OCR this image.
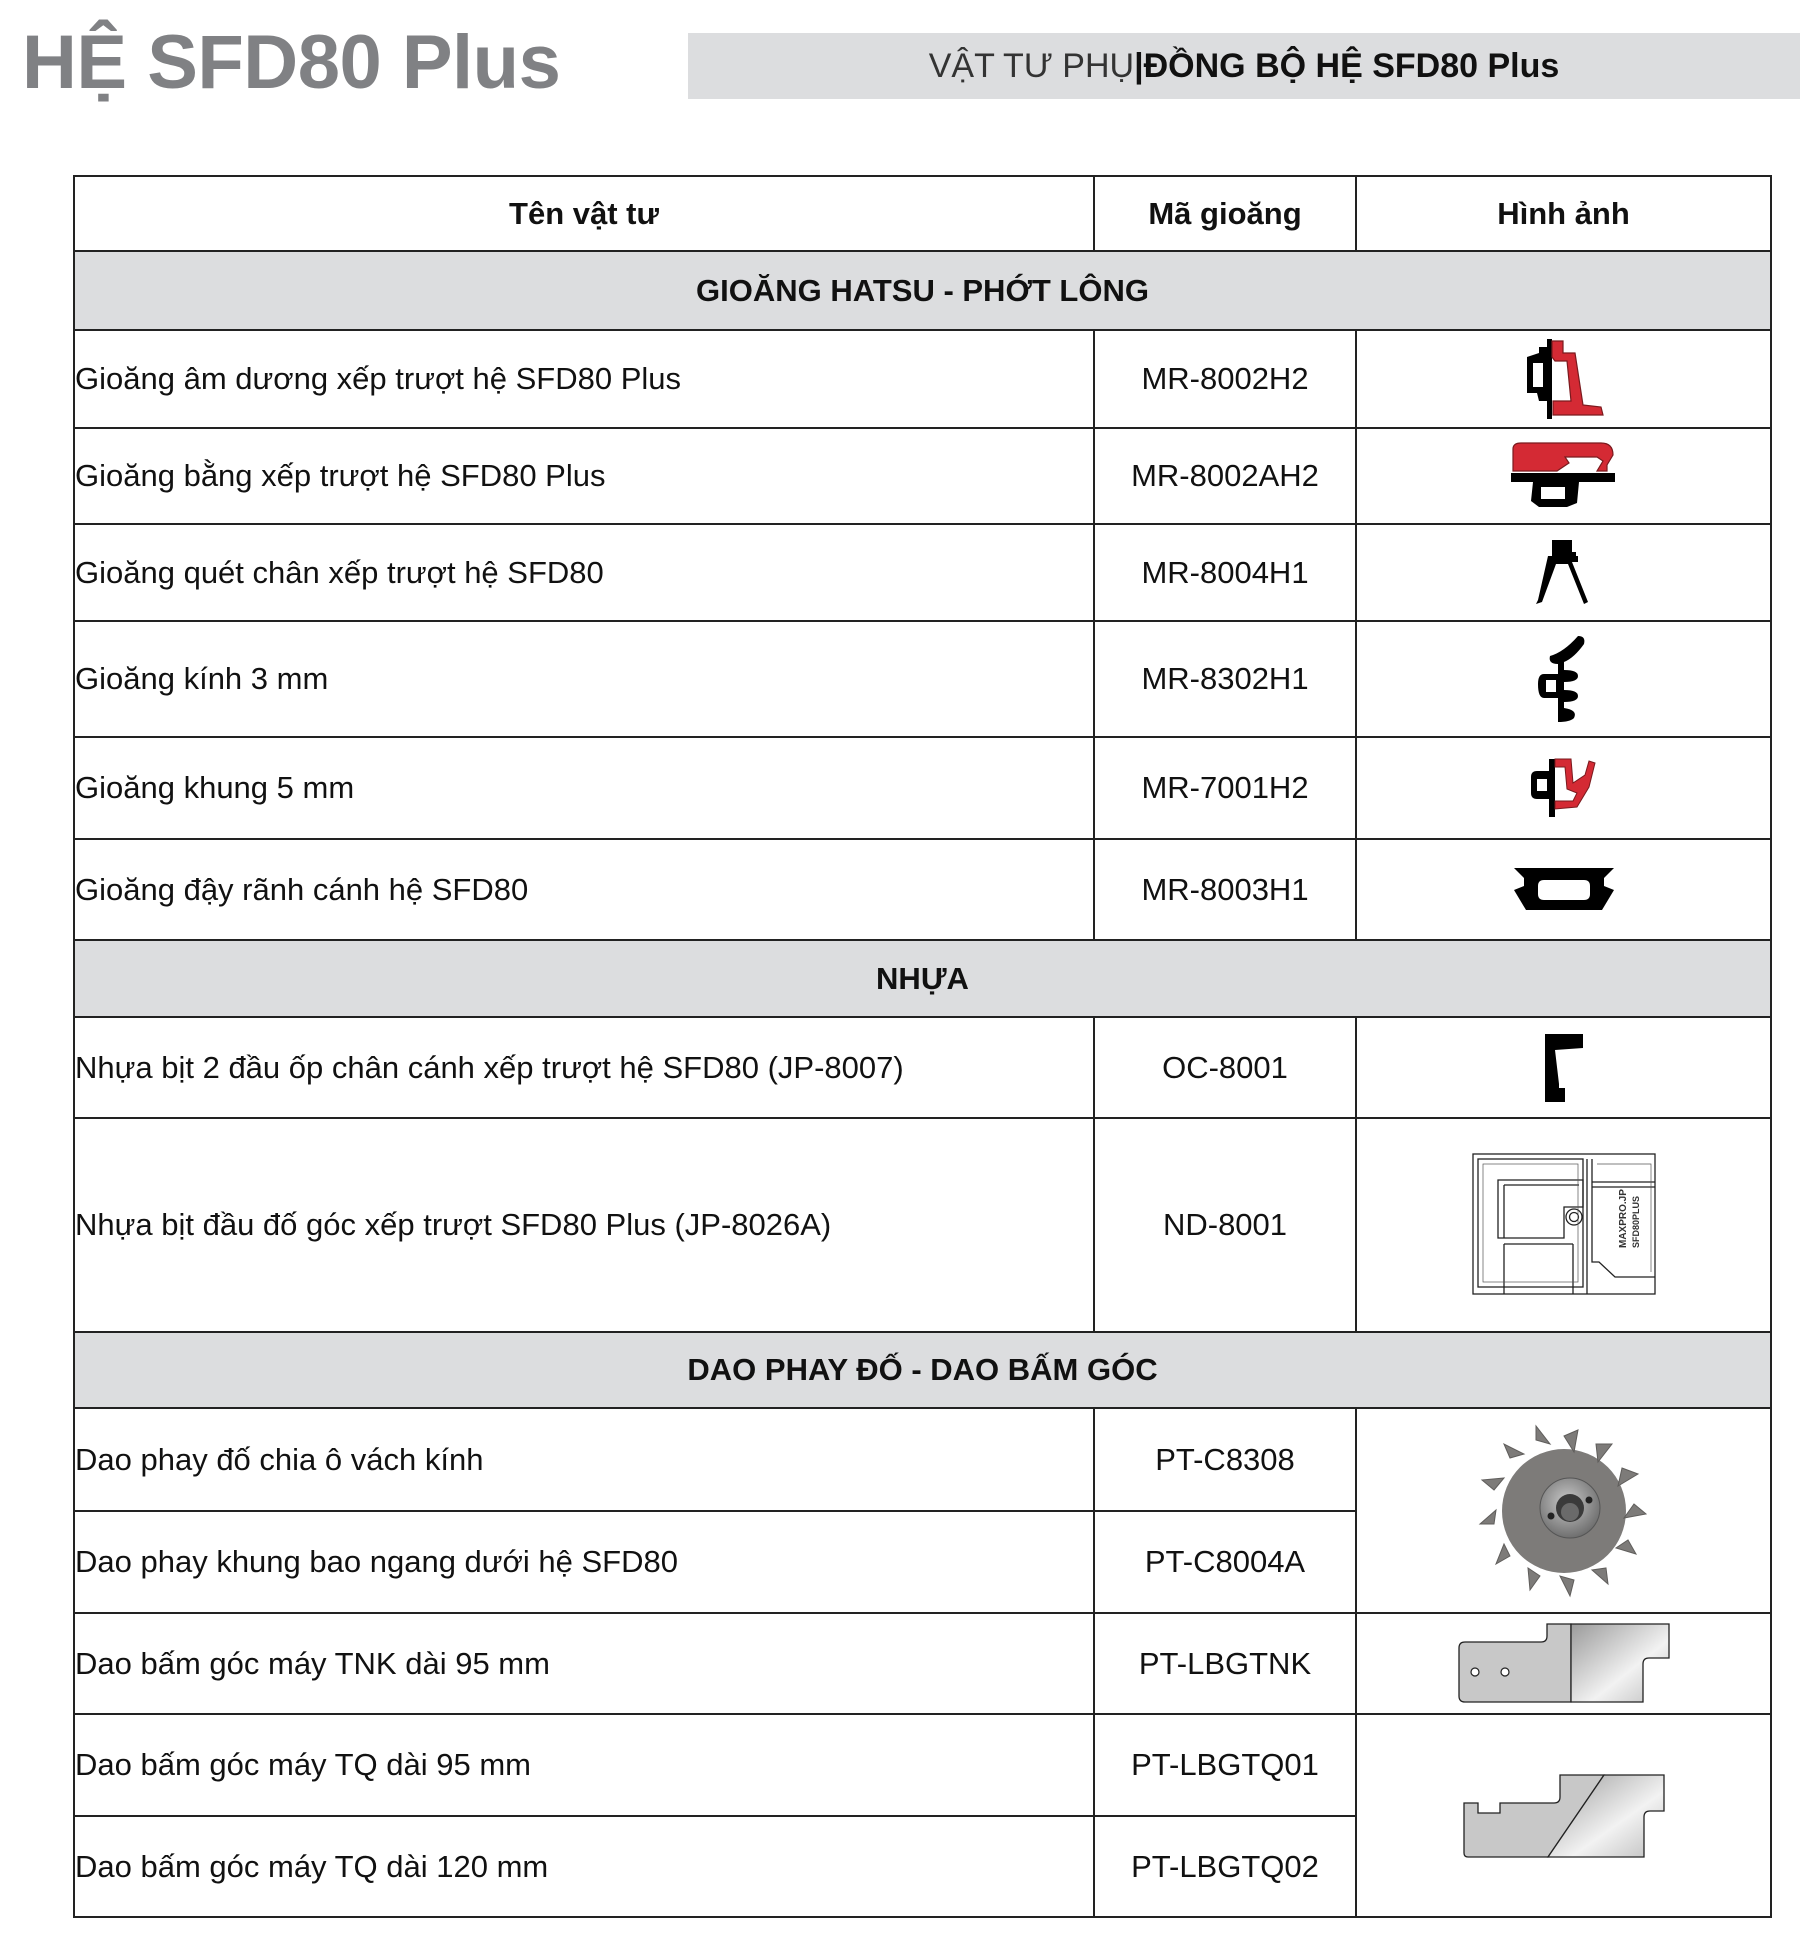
HỆ SFD80 Plus	VẬT TƯ PHỤ | ĐỒNG BỘ HỆ SFD80 Plus
Tên vật tư	Mã gioăng	Hình ảnh
GIOĂNG HATSU - PHỚT LÔNG		
Gioăng âm dương xếp trượt hệ SFD80 Plus	MR-8002H2	
Gioăng bằng xếp trượt hệ SFD80 Plus	MR-8002AH2	
Gioăng quét chân xếp trượt hệ SFD80	MR-8004H1	
Gioăng kính 3 mm	MR-8302H1	
Gioăng khung 5 mm	MR-7001H2	
Gioăng đậy rãnh cánh hệ SFD80	MR-8003H1	
NHỰA		
Nhựa bịt 2 đầu ốp chân cánh xếp trượt hệ SFD80 (JP-8007)	OC-8001	
Nhựa bịt đầu đố góc xếp trượt SFD80 Plus (JP-8026A)	ND-8001	MAXPRO.JP SFD80PLUS

DAO PHAY ĐỐ - DAO BẤM GÓC		
Dao phay đố chia ô vách kính	PT-C8308	
Dao phay khung bao ngang dưới hệ SFD80	PT-C8004A	
Dao bấm góc máy TNK dài 95 mm	PT-LBGTNK	
Dao bấm góc máy TQ dài 95 mm	PT-LBGTQ01	
Dao bấm góc máy TQ dài 120 mm	PT-LBGTQ02	
